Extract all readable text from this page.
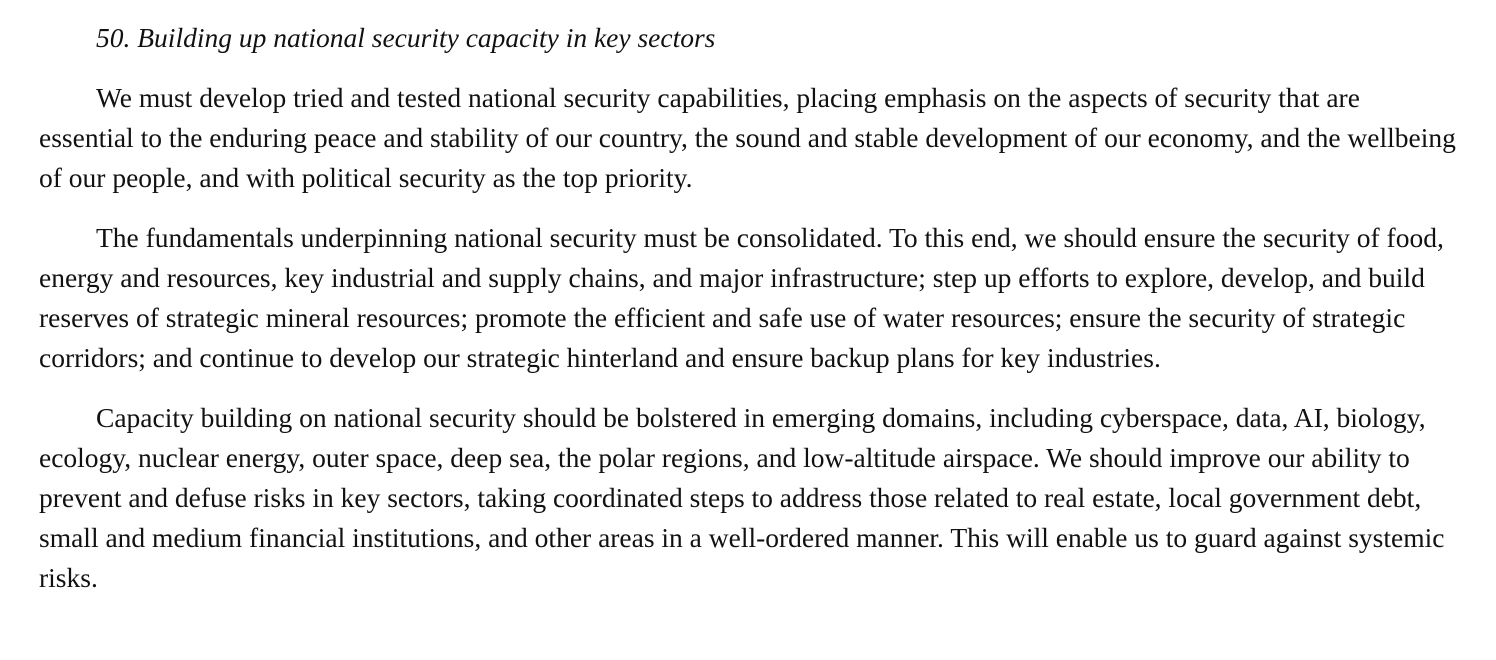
50. Building up national security capacity in key sectors

We must develop tried and tested national security capabilities, placing emphasis on the aspects of security that are essential to the enduring peace and stability of our country, the sound and stable development of our economy, and the wellbeing of our people, and with political security as the top priority.

The fundamentals underpinning national security must be consolidated. To this end, we should ensure the security of food, energy and resources, key industrial and supply chains, and major infrastructure; step up efforts to explore, develop, and build reserves of strategic mineral resources; promote the efficient and safe use of water resources; ensure the security of strategic corridors; and continue to develop our strategic hinterland and ensure backup plans for key industries.

Capacity building on national security should be bolstered in emerging domains, including cyberspace, data, AI, biology, ecology, nuclear energy, outer space, deep sea, the polar regions, and low-altitude airspace. We should improve our ability to prevent and defuse risks in key sectors, taking coordinated steps to address those related to real estate, local government debt, small and medium financial institutions, and other areas in a well-ordered manner. This will enable us to guard against systemic risks.
